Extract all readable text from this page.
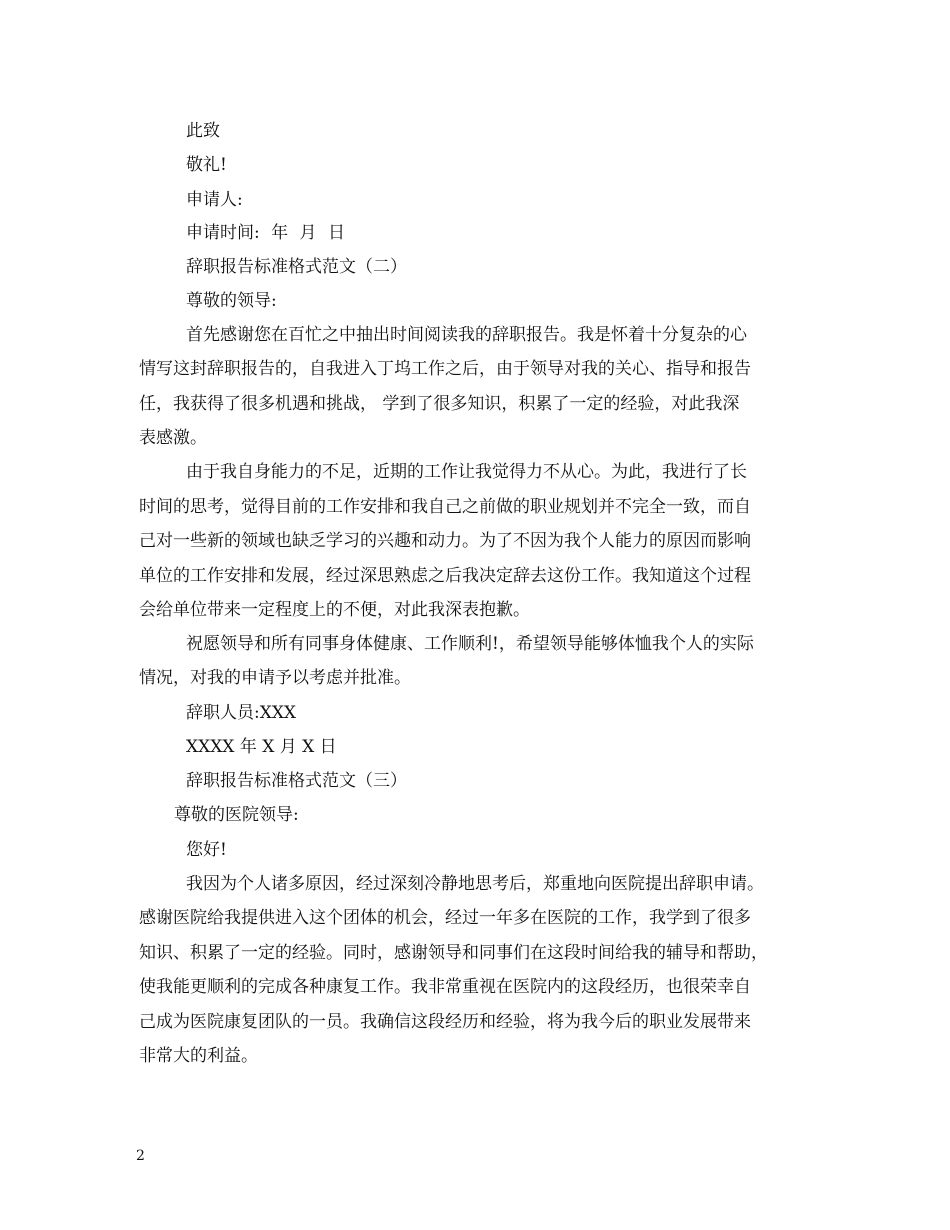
此致
敬礼!
申请人:
申请时间: 年 月 日
辞职报告标准格式范文（二）
尊敬的领导:
首先感谢您在百忙之中抽出时间阅读我的辞职报告。我是怀着十分复杂的心
情写这封辞职报告的，自我进入丁坞工作之后，由于领导对我的关心、指导和报告
任，我获得了很多机遇和挑战， 学到了很多知识，积累了一定的经验，对此我深
表感激。
由于我自身能力的不足，近期的工作让我觉得力不从心。为此，我进行了长
时间的思考，觉得目前的工作安排和我自己之前做的职业规划并不完全一致，而自
己对一些新的领域也缺乏学习的兴趣和动力。为了不因为我个人能力的原因而影响
单位的工作安排和发展，经过深思熟虑之后我决定辞去这份工作。我知道这个过程
会给单位带来一定程度上的不便，对此我深表抱歉。
祝愿领导和所有同事身体健康、工作顺利!，希望领导能够体恤我个人的实际
情况，对我的申请予以考虑并批准。
辞职人员:XXX
XXXX 年 X 月 X 日
辞职报告标准格式范文（三）
尊敬的医院领导:
您好!
我因为个人诸多原因，经过深刻冷静地思考后，郑重地向医院提出辞职申请。
感谢医院给我提供进入这个团体的机会，经过一年多在医院的工作，我学到了很多
知识、积累了一定的经验。同时，感谢领导和同事们在这段时间给我的辅导和帮助，
使我能更顺利的完成各种康复工作。我非常重视在医院内的这段经历，也很荣幸自
己成为医院康复团队的一员。我确信这段经历和经验，将为我今后的职业发展带来
非常大的利益。
2
